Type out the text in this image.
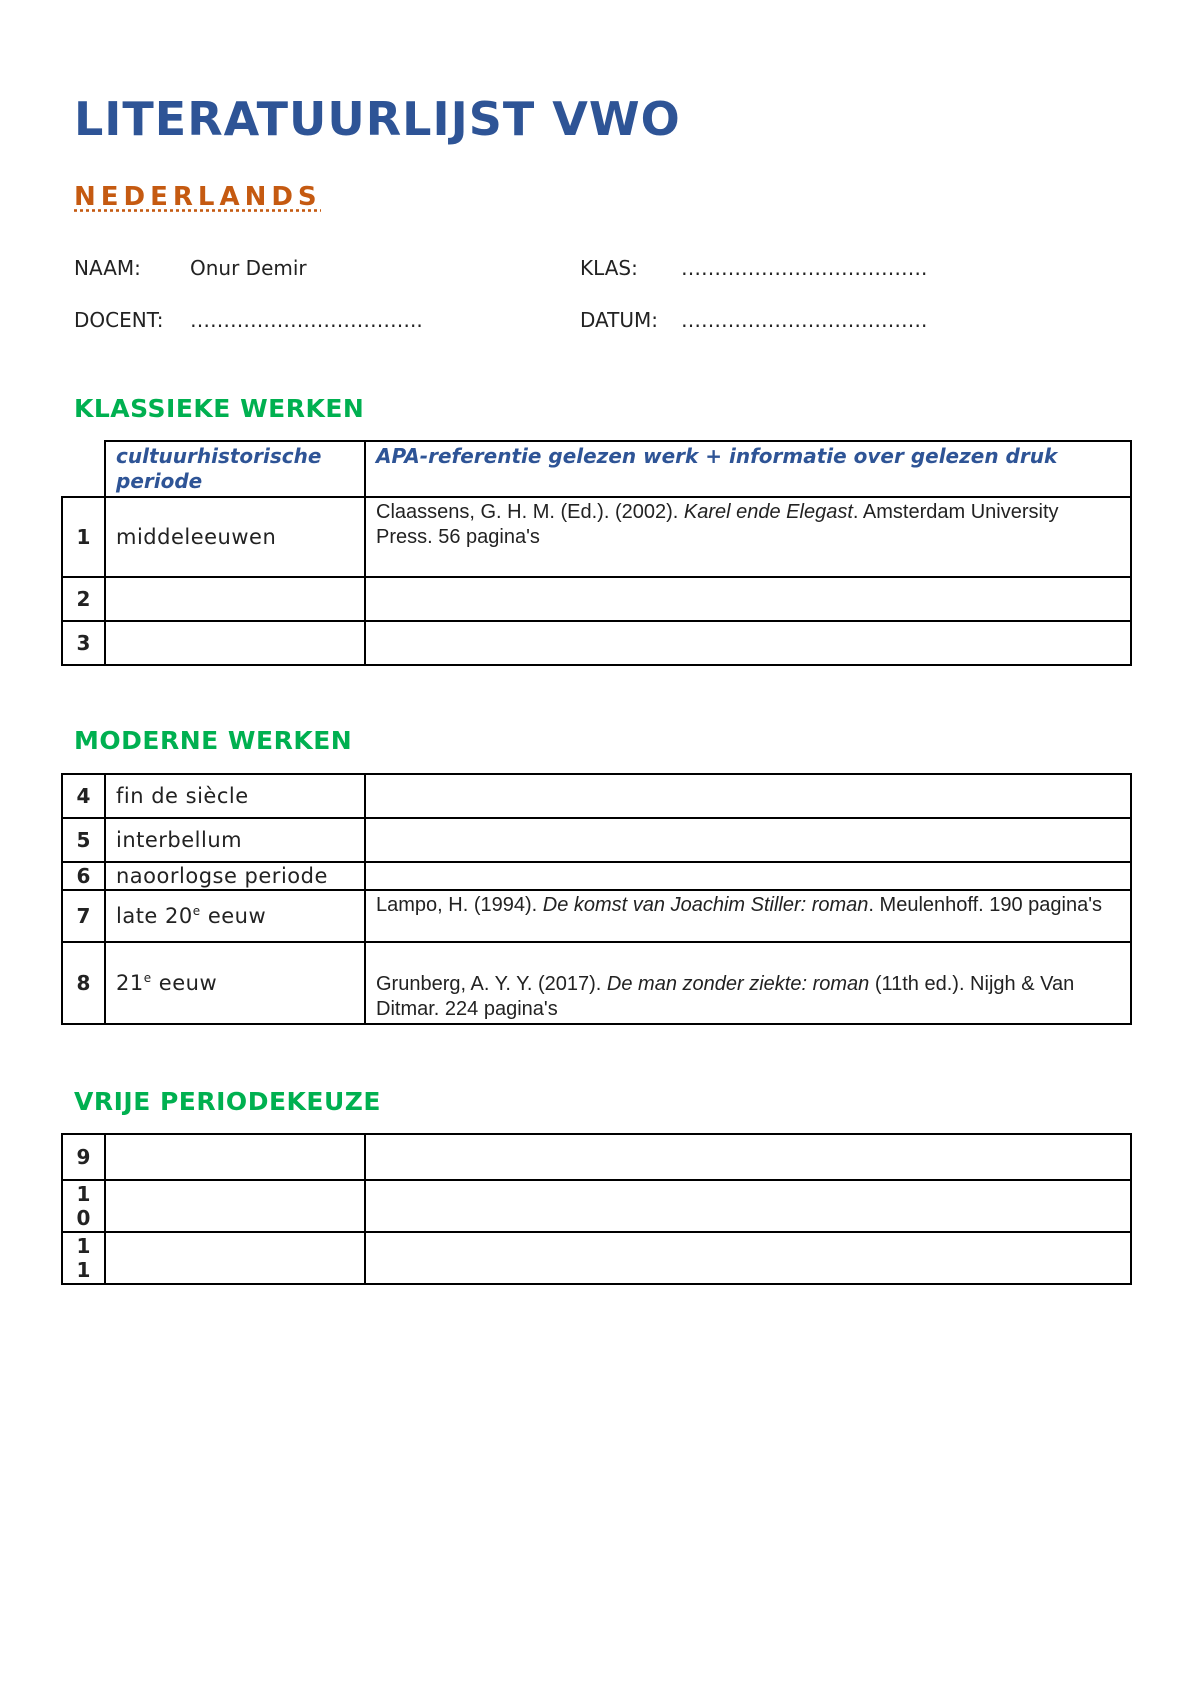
LITERATUURLIJST VWO
NEDERLANDS
NAAM: Onur Demir	KLAS: ……………………………….
DOCENT: ……………………………..	DATUM: ……………………………….
KLASSIEKE WERKEN
	cultuurhistorische periode	APA-referentie gelezen werk + informatie over gelezen druk
1	middeleeuwen	Claassens, G. H. M. (Ed.). (2002). Karel ende Elegast. Amsterdam University Press. 56 pagina's
2		
3		
MODERNE WERKEN
4	fin de siècle	
5	interbellum	
6	naoorlogse periode	
7	late 20e eeuw	Lampo, H. (1994). De komst van Joachim Stiller: roman. Meulenhoff. 190 pagina's
8	21e eeuw	Grunberg, A. Y. Y. (2017). De man zonder ziekte: roman (11th ed.). Nijgh & Van Ditmar. 224 pagina's
VRIJE PERIODEKEUZE
9		
10		
11		
